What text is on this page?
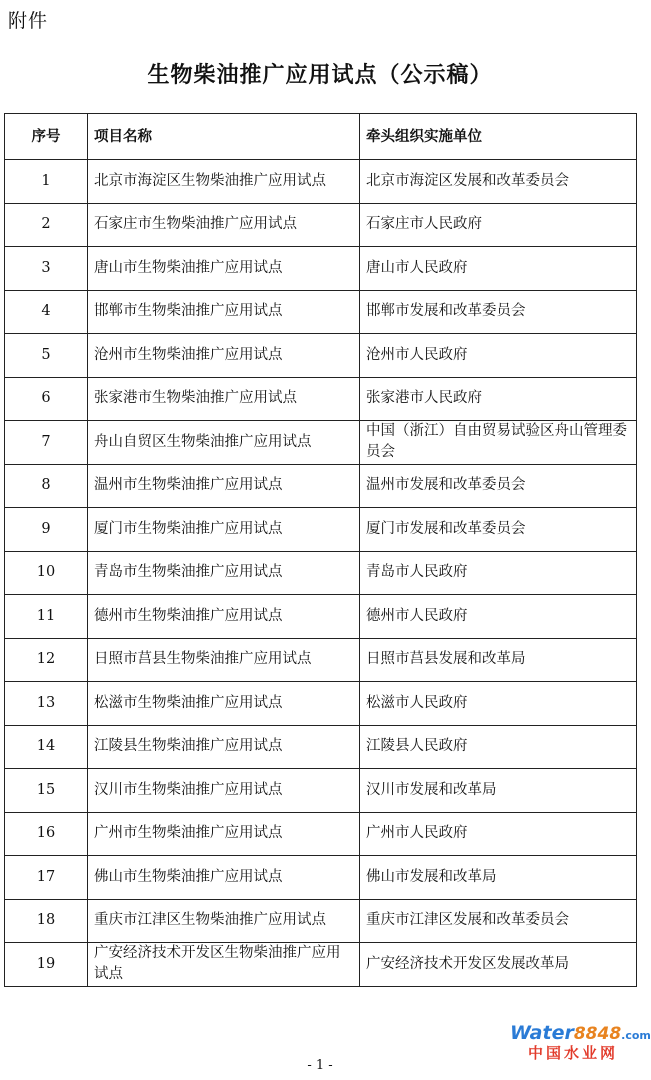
附件
生物柴油推广应用试点（公示稿）
序号	项目名称	牵头组织实施单位
1	北京市海淀区生物柴油推广应用试点	北京市海淀区发展和改革委员会
2	石家庄市生物柴油推广应用试点	石家庄市人民政府
3	唐山市生物柴油推广应用试点	唐山市人民政府
4	邯郸市生物柴油推广应用试点	邯郸市发展和改革委员会
5	沧州市生物柴油推广应用试点	沧州市人民政府
6	张家港市生物柴油推广应用试点	张家港市人民政府
7	舟山自贸区生物柴油推广应用试点	中国（浙江）自由贸易试验区舟山管理委员会
8	温州市生物柴油推广应用试点	温州市发展和改革委员会
9	厦门市生物柴油推广应用试点	厦门市发展和改革委员会
10	青岛市生物柴油推广应用试点	青岛市人民政府
11	德州市生物柴油推广应用试点	德州市人民政府
12	日照市莒县生物柴油推广应用试点	日照市莒县发展和改革局
13	松滋市生物柴油推广应用试点	松滋市人民政府
14	江陵县生物柴油推广应用试点	江陵县人民政府
15	汉川市生物柴油推广应用试点	汉川市发展和改革局
16	广州市生物柴油推广应用试点	广州市人民政府
17	佛山市生物柴油推广应用试点	佛山市发展和改革局
18	重庆市江津区生物柴油推广应用试点	重庆市江津区发展和改革委员会
19	广安经济技术开发区生物柴油推广应用试点	广安经济技术开发区发展改革局
- 1 -
Water8848.com
中国水业网
